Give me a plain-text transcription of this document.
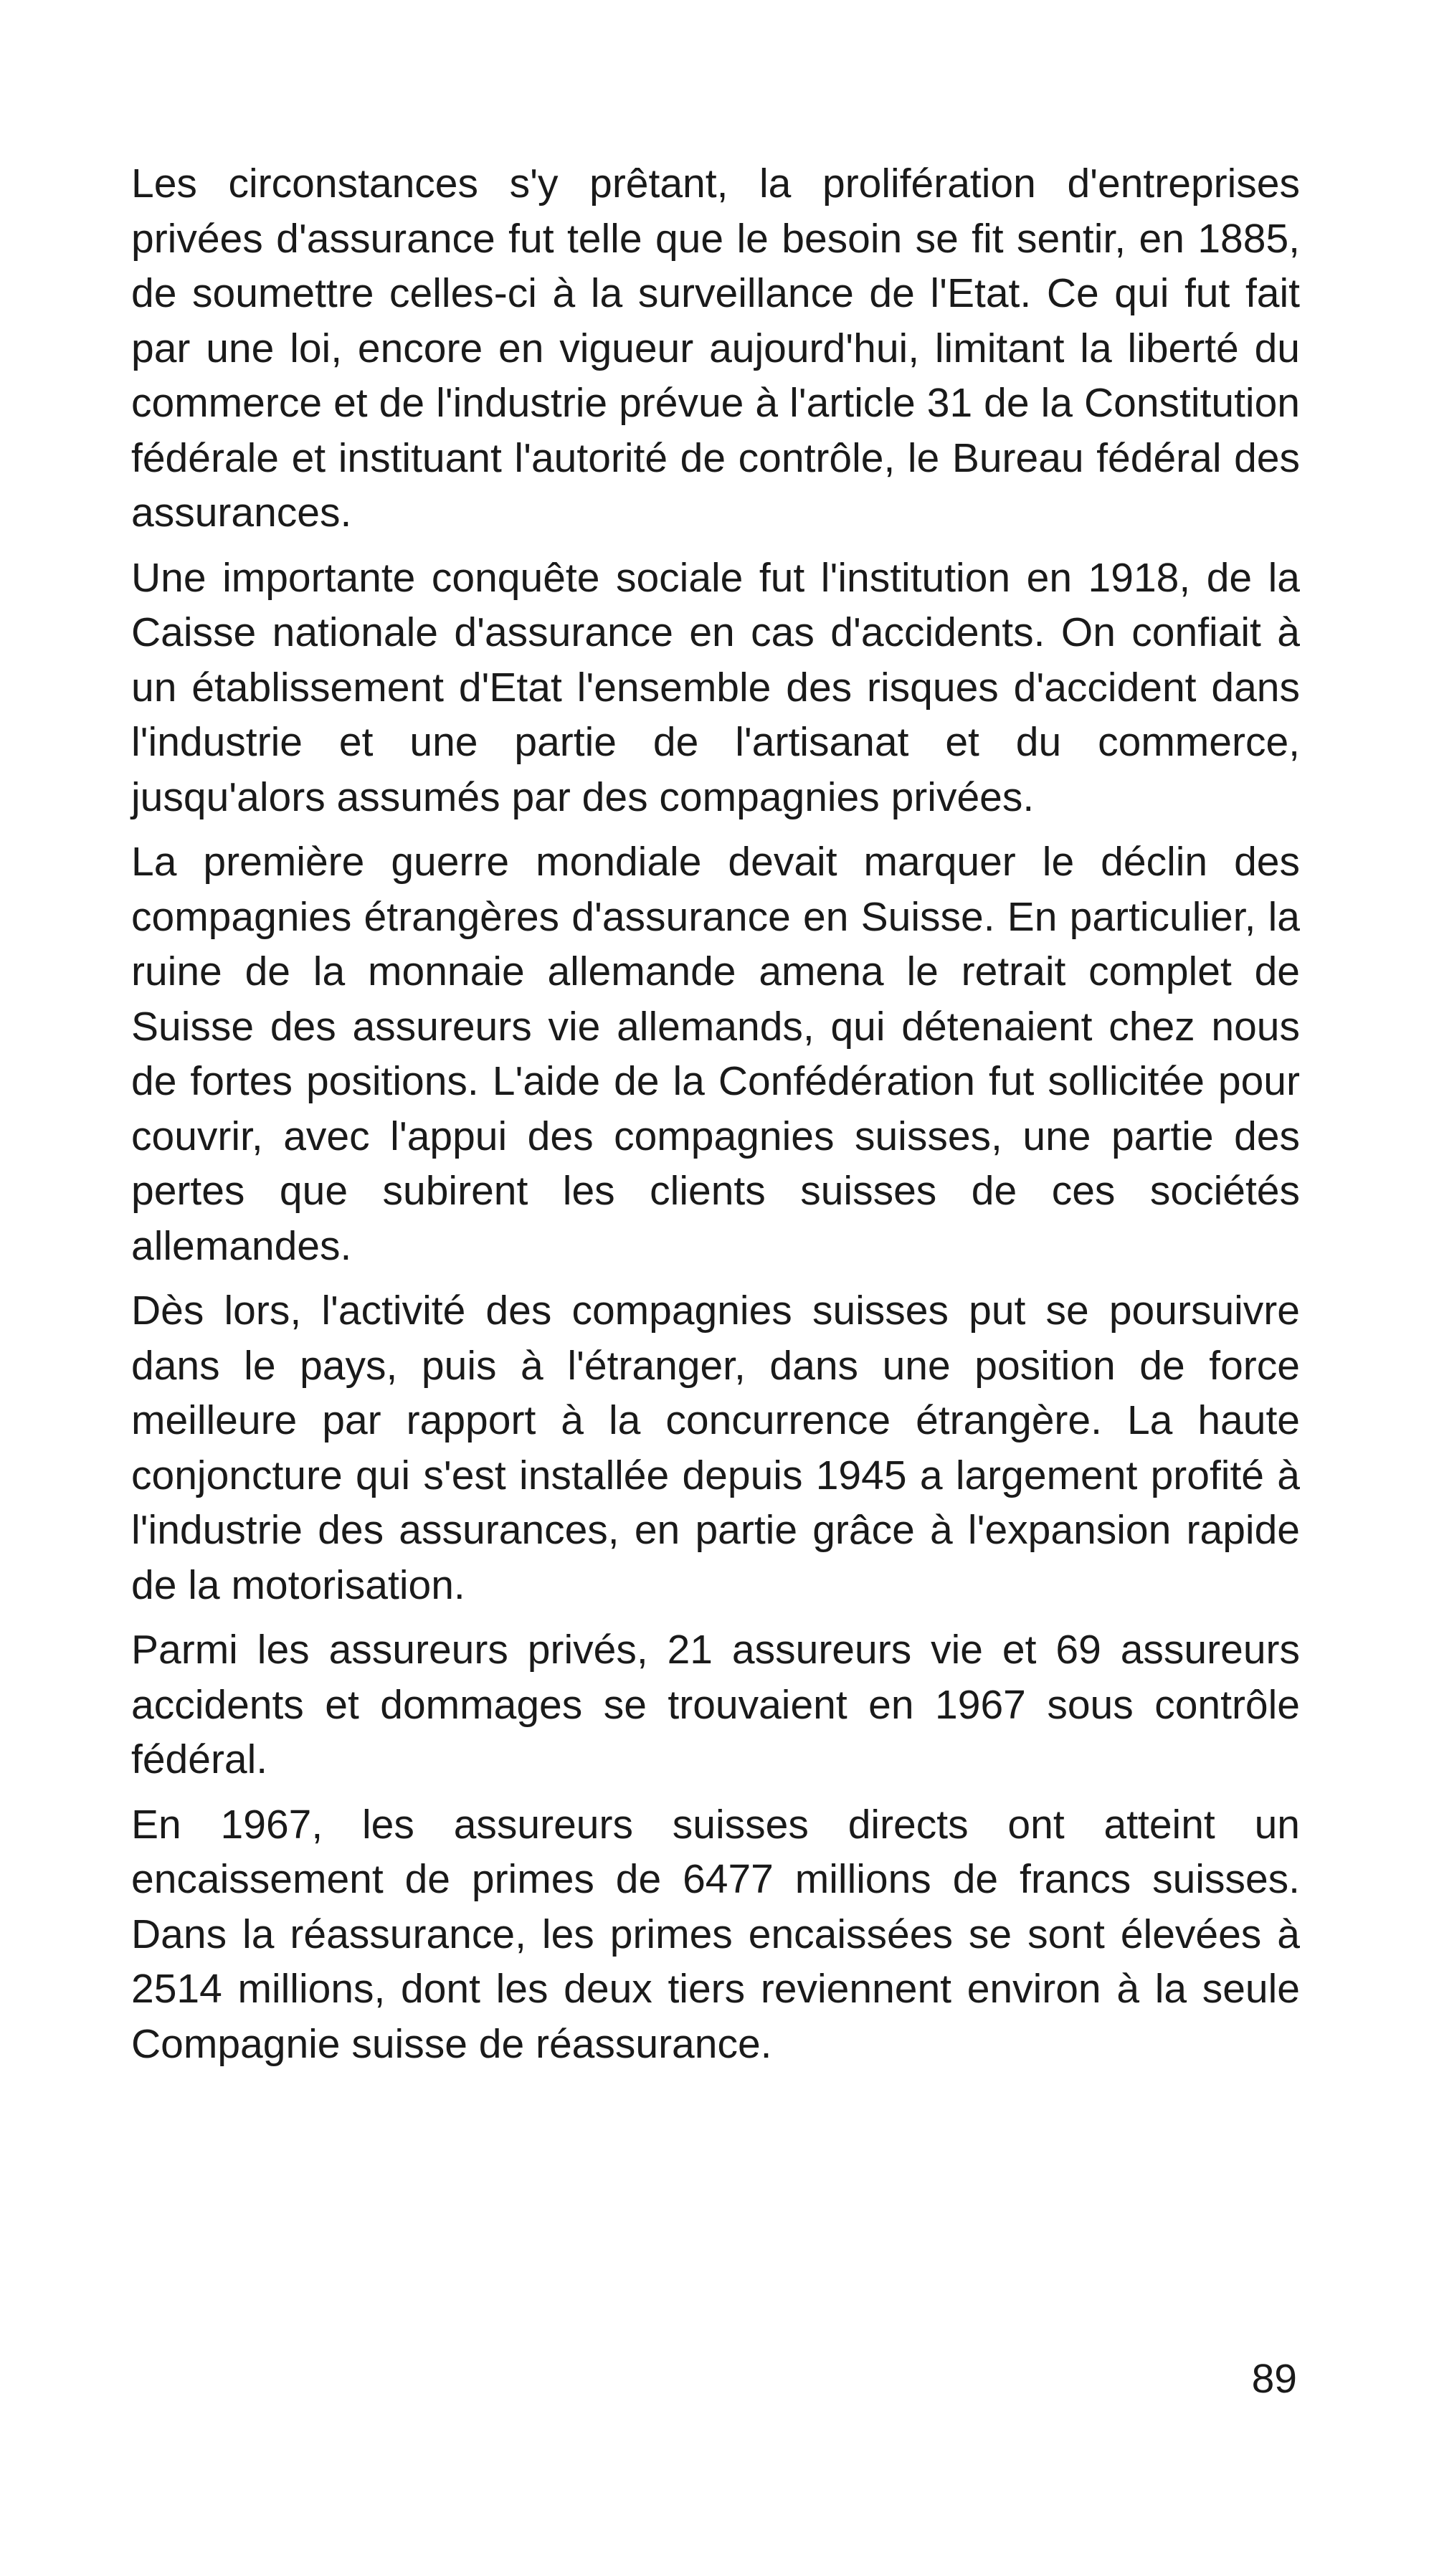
Les circonstances s'y prêtant, la prolifération d'entreprises privées d'assurance fut telle que le besoin se fit sentir, en 1885, de soumettre celles-ci à la surveillance de l'Etat. Ce qui fut fait par une loi, encore en vigueur aujourd'hui, limitant la liberté du commerce et de l'industrie prévue à l'article 31 de la Constitution fédérale et instituant l'autorité de contrôle, le Bureau fédéral des assurances.

Une importante conquête sociale fut l'institution en 1918, de la Caisse nationale d'assurance en cas d'accidents. On confiait à un établissement d'Etat l'ensemble des risques d'accident dans l'industrie et une partie de l'artisanat et du commerce, jusqu'alors assumés par des compagnies privées.

La première guerre mondiale devait marquer le déclin des compagnies étrangères d'assurance en Suisse. En particulier, la ruine de la monnaie allemande amena le retrait complet de Suisse des assureurs vie allemands, qui détenaient chez nous de fortes positions. L'aide de la Confédération fut sollicitée pour couvrir, avec l'appui des compagnies suisses, une partie des pertes que subirent les clients suisses de ces sociétés allemandes.

Dès lors, l'activité des compagnies suisses put se poursuivre dans le pays, puis à l'étranger, dans une position de force meilleure par rapport à la concurrence étrangère. La haute conjoncture qui s'est installée depuis 1945 a largement profité à l'industrie des assurances, en partie grâce à l'expansion rapide de la motorisation.

Parmi les assureurs privés, 21 assureurs vie et 69 assureurs accidents et dommages se trouvaient en 1967 sous contrôle fédéral.

En 1967, les assureurs suisses directs ont atteint un encaissement de primes de 6477 millions de francs suisses. Dans la réassurance, les primes encaissées se sont élevées à 2514 millions, dont les deux tiers reviennent environ à la seule Compagnie suisse de réassurance.

89
